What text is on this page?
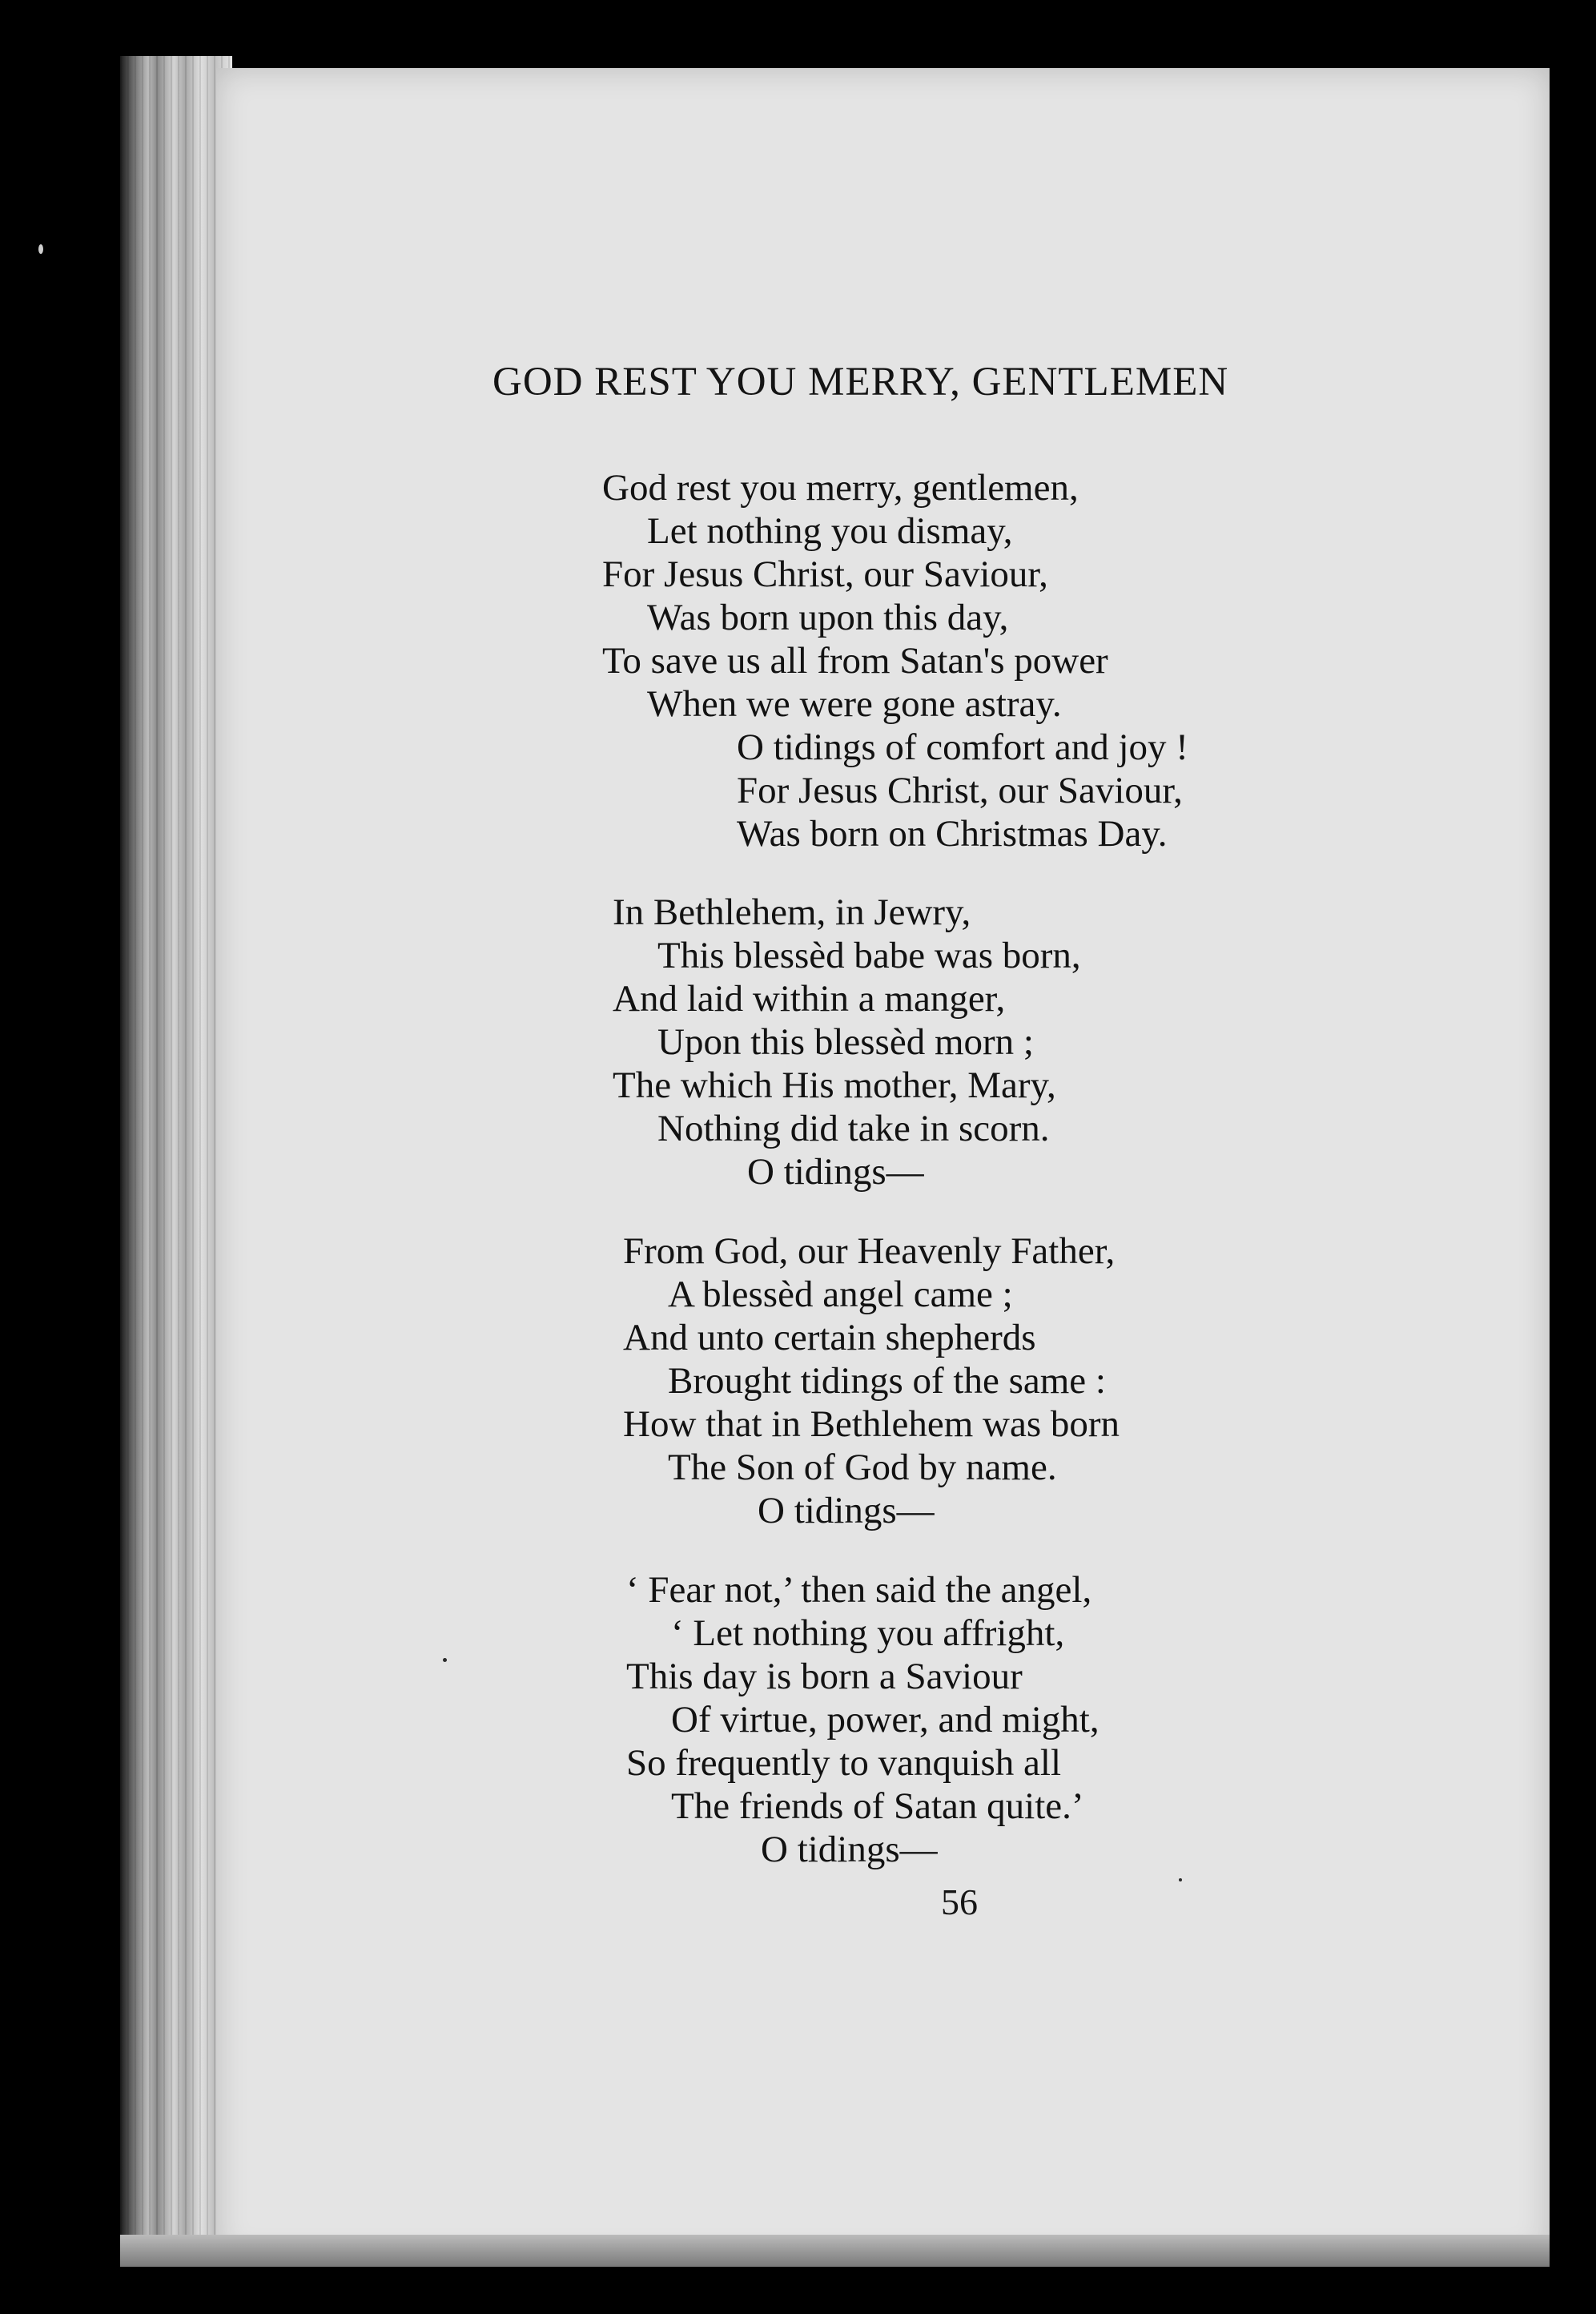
GOD REST YOU MERRY, GENTLEMEN
God rest you merry, gentlemen,
Let nothing you dismay,
For Jesus Christ, our Saviour,
Was born upon this day,
To save us all from Satan's power
When we were gone astray.
O tidings of comfort and joy !
For Jesus Christ, our Saviour,
Was born on Christmas Day.
In Bethlehem, in Jewry,
This blessèd babe was born,
And laid within a manger,
Upon this blessèd morn ;
The which His mother, Mary,
Nothing did take in scorn.
O tidings—
From God, our Heavenly Father,
A blessèd angel came ;
And unto certain shepherds
Brought tidings of the same :
How that in Bethlehem was born
The Son of God by name.
O tidings—
‘ Fear not,’ then said the angel,
‘ Let nothing you affright,
This day is born a Saviour
Of virtue, power, and might,
So frequently to vanquish all
The friends of Satan quite.’
O tidings—
56
